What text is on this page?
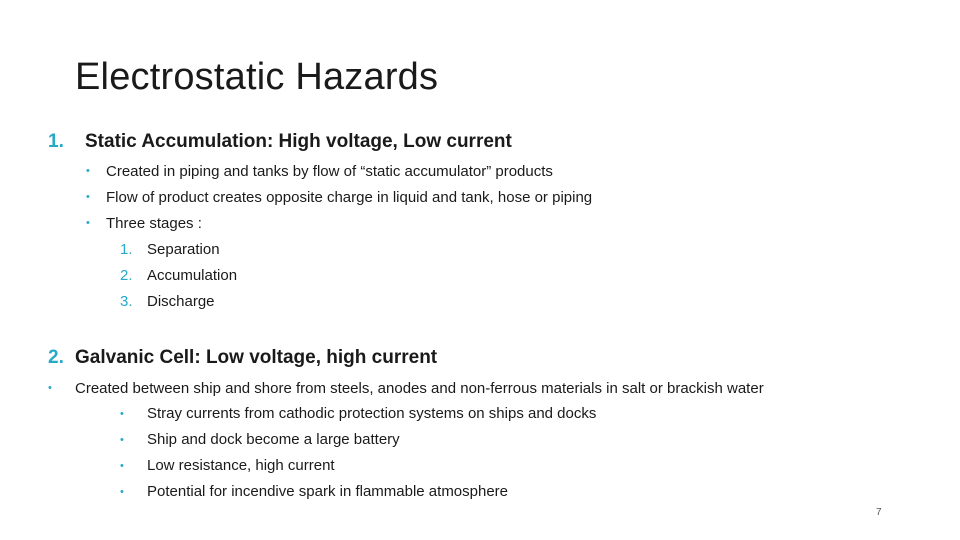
Electrostatic Hazards
1. Static Accumulation: High voltage, Low current
• Created in piping and tanks by flow of “static accumulator” products
• Flow of product creates opposite charge in liquid and tank, hose or piping
• Three stages :
1. Separation
2. Accumulation
3. Discharge
2. Galvanic Cell: Low voltage, high current
• Created between ship and shore from steels, anodes and non-ferrous materials in salt or brackish water
• Stray currents from cathodic protection systems on ships and docks
• Ship and dock become a large battery
• Low resistance, high current
• Potential for incendive spark in flammable atmosphere
7
